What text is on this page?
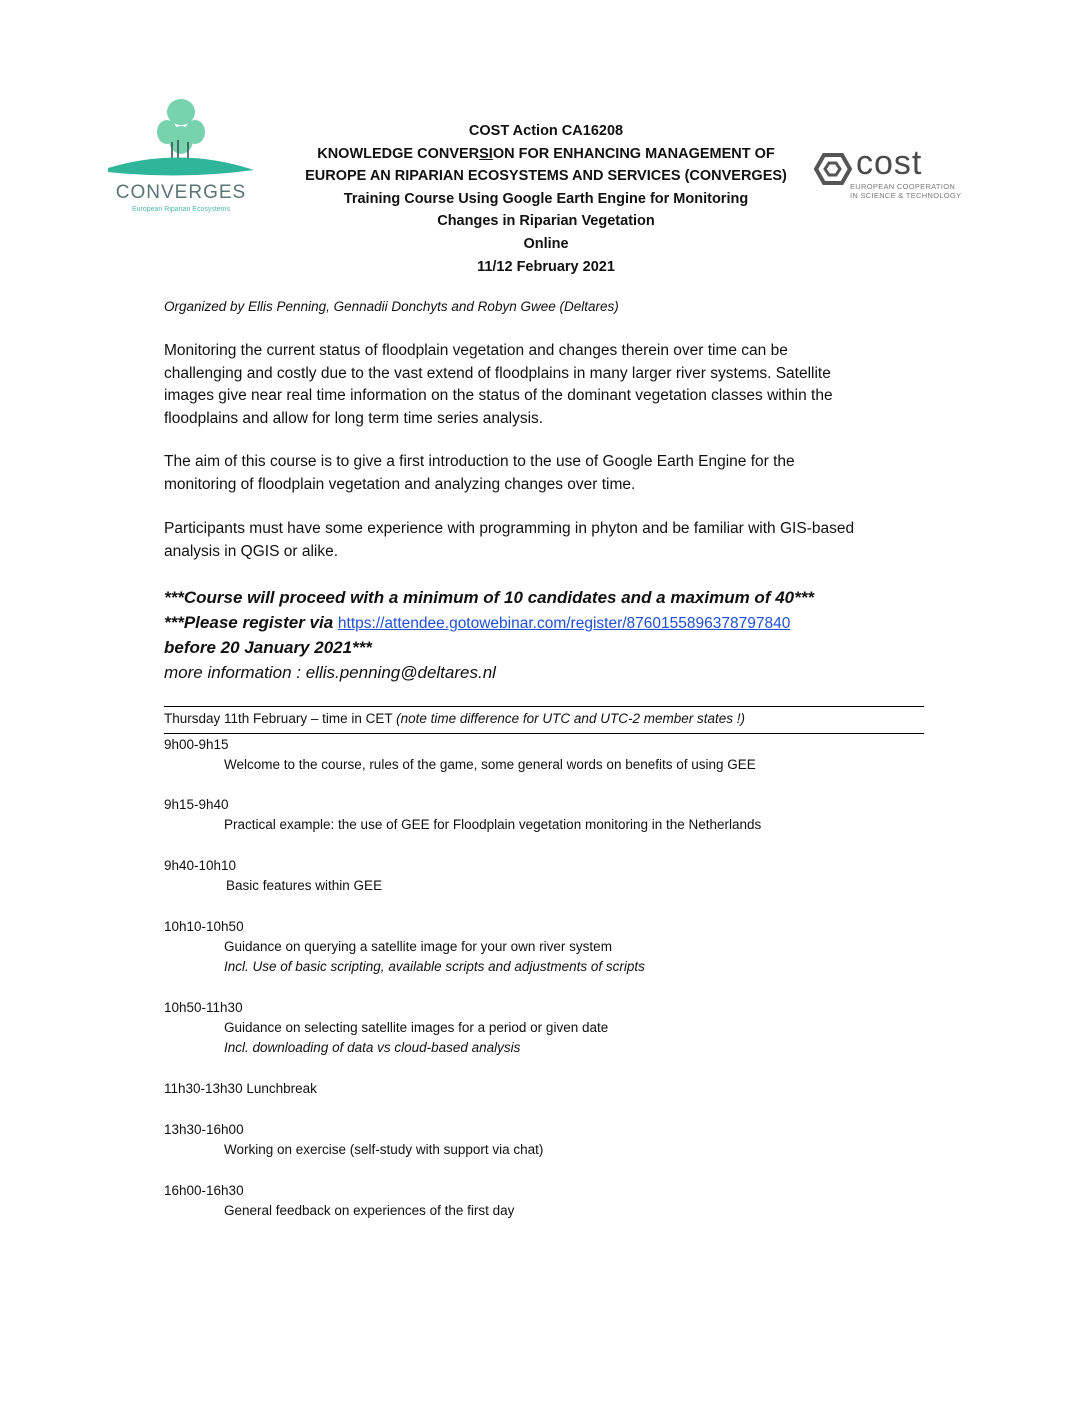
CONVERGES
European Riparian Ecosystems
cost
EUROPEAN COOPERATION
IN SCIENCE & TECHNOLOGY
COST Action CA16208
KNOWLEDGE CONVERSION FOR ENHANCING MANAGEMENT OF
EUROPE AN RIPARIAN ECOSYSTEMS AND SERVICES (CONVERGES)
Training Course Using Google Earth Engine for Monitoring
Changes in Riparian Vegetation
Online
11/12 February 2021
Organized by Ellis Penning, Gennadii Donchyts and Robyn Gwee (Deltares)
Monitoring the current status of floodplain vegetation and changes therein over time can be
challenging and costly due to the vast extend of floodplains in many larger river systems. Satellite
images give near real time information on the status of the dominant vegetation classes within the
floodplains and allow for long term time series analysis.
The aim of this course is to give a first introduction to the use of Google Earth Engine for the
monitoring of floodplain vegetation and analyzing changes over time.
Participants must have some experience with programming in phyton and be familiar with GIS-based
analysis in QGIS or alike.
***Course will proceed with a minimum of 10 candidates and a maximum of 40***
***Please register via https://attendee.gotowebinar.com/register/8760155896378797840
before 20 January 2021***
more information : ellis.penning@deltares.nl
Thursday 11th February – time in CET (note time difference for UTC and UTC-2 member states !)
9h00-9h15
Welcome to the course, rules of the game, some general words on benefits of using GEE
9h15-9h40
Practical example: the use of GEE for Floodplain vegetation monitoring in the Netherlands
9h40-10h10
Basic features within GEE
10h10-10h50
Guidance on querying a satellite image for your own river system
Incl. Use of basic scripting, available scripts and adjustments of scripts
10h50-11h30
Guidance on selecting satellite images for a period or given date
Incl. downloading of data vs cloud-based analysis
11h30-13h30 Lunchbreak
13h30-16h00
Working on exercise (self-study with support via chat)
16h00-16h30
General feedback on experiences of the first day
